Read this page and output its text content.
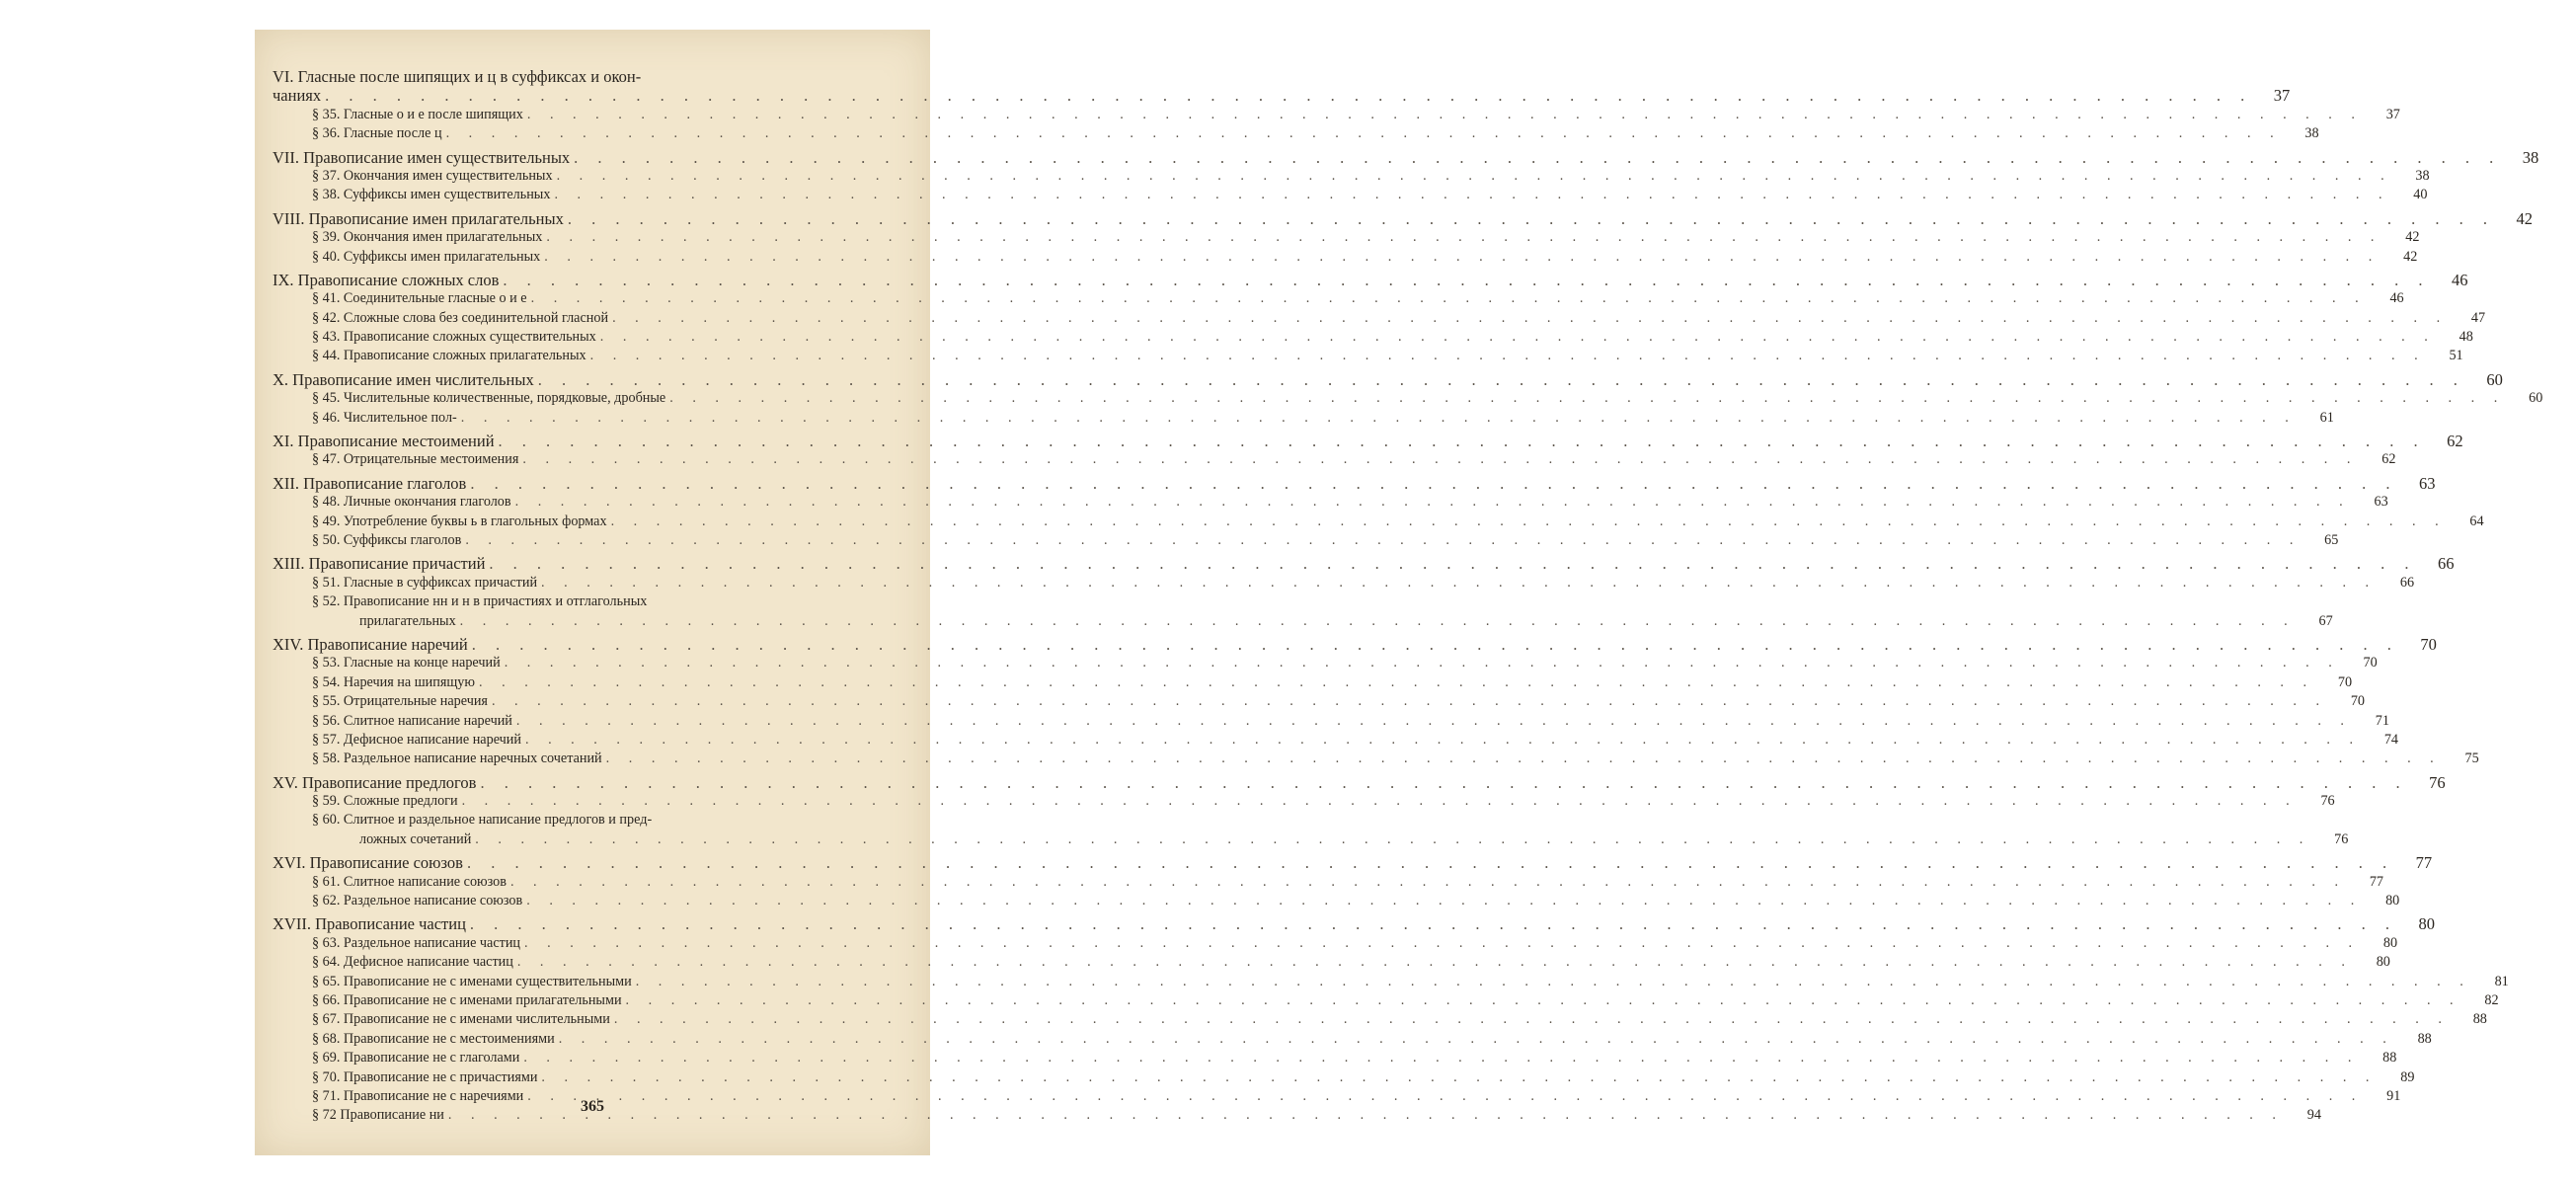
VI. Гласные после шипящих и ц в суффиксах и окон-
чаниях . . .	37
§ 35. Гласные о и е после шипящих . . .	37
§ 36. Гласные после ц . . .	38
VII. Правописание имен существительных . . .	38
§ 37. Окончания имен существительных . . .	38
§ 38. Суффиксы имен существительных . . .	40
VIII. Правописание имен прилагательных . . .	42
§ 39. Окончания имен прилагательных . . .	42
§ 40. Суффиксы имен прилагательных . . .	42
IX. Правописание сложных слов . . .	46
§ 41. Соединительные гласные о и е . . .	46
§ 42. Сложные слова без соединительной гласной . . .	47
§ 43. Правописание сложных существительных . . .	48
§ 44. Правописание сложных прилагательных . . .	51
X. Правописание имен числительных . . .	60
§ 45. Числительные количественные, порядковые, дробные . . .	60
§ 46. Числительное пол- . . .	61
XI. Правописание местоимений . . .	62
§ 47. Отрицательные местоимения . . .	62
XII. Правописание глаголов . . .	63
§ 48. Личные окончания глаголов . . .	63
§ 49. Употребление буквы ь в глагольных формах . . .	64
§ 50. Суффиксы глаголов . . .	65
XIII. Правописание причастий . . .	66
§ 51. Гласные в суффиксах причастий . . .	66
§ 52. Правописание нн и н в причастиях и отглагольных
прилагательных . . .	67
XIV. Правописание наречий . . .	70
§ 53. Гласные на конце наречий . . .	70
§ 54. Наречия на шипящую . . .	70
§ 55. Отрицательные наречия . . .	70
§ 56. Слитное написание наречий . . .	71
§ 57. Дефисное написание наречий . . .	74
§ 58. Раздельное написание наречных сочетаний . . .	75
XV. Правописание предлогов . . .	76
§ 59. Сложные предлоги . . .	76
§ 60. Слитное и раздельное написание предлогов и пред-
ложных сочетаний . . .	76
XVI. Правописание союзов . . .	77
§ 61. Слитное написание союзов . . .	77
§ 62. Раздельное написание союзов . . .	80
XVII. Правописание частиц . . .	80
§ 63. Раздельное написание частиц . . .	80
§ 64. Дефисное написание частиц . . .	80
§ 65. Правописание не с именами существительными . . .	81
§ 66. Правописание не с именами прилагательными . . .	82
§ 67. Правописание не с именами числительными . . .	88
§ 68. Правописание не с местоимениями . . .	88
§ 69. Правописание не с глаголами . . .	88
§ 70. Правописание не с причастиями . . .	89
§ 71. Правописание не с наречиями . . .	91
§ 72 Правописание ни . . .	94
365
